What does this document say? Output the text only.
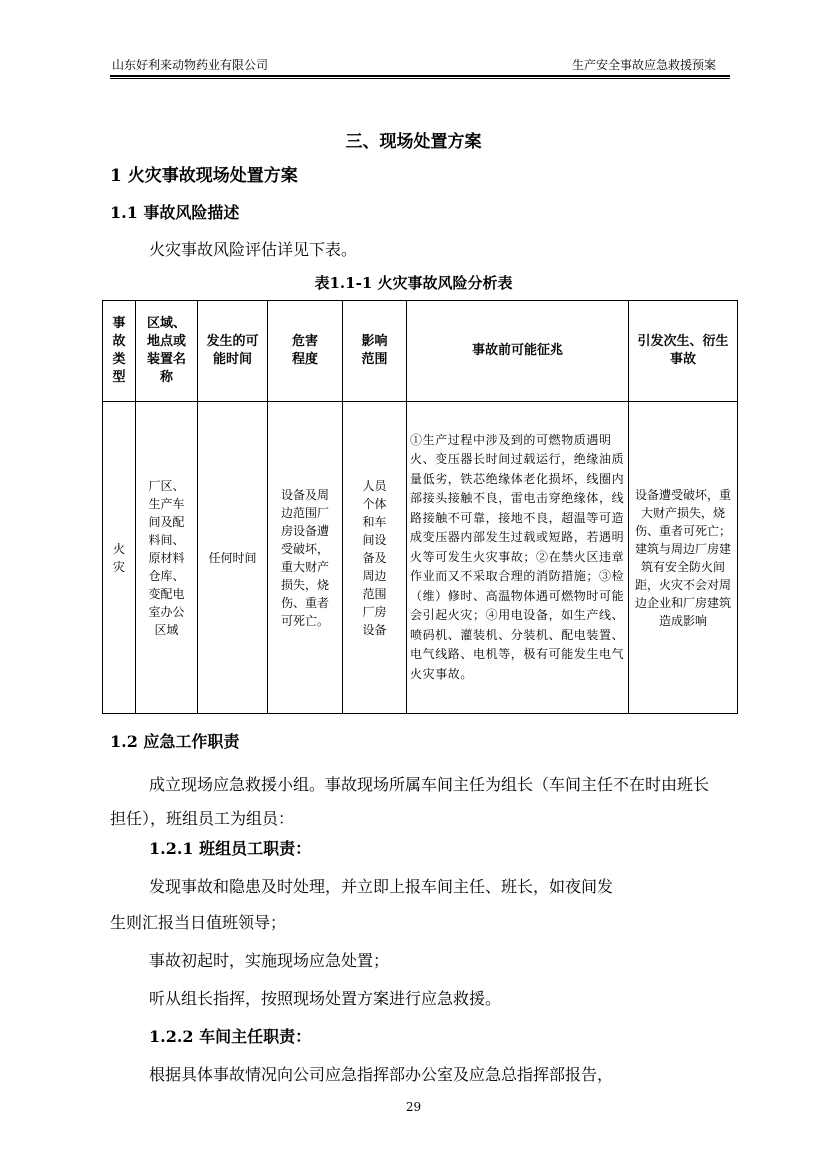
山东好利来动物药业有限公司	生产安全事故应急救援预案
三、现场处置方案
1 火灾事故现场处置方案
1.1 事故风险描述
火灾事故风险评估详见下表。
表1.1-1 火灾事故风险分析表
事故类型	区域、地点或装置名称	发生的可能时间	危害程度	影响范围	事故前可能征兆	引发次生、衍生事故

火灾	厂区、生产车间及配料间、原材料仓库、变配电室办公区域	任何时间	设备及周边范围厂房设备遭受破坏，重大财产损失，烧伤、重者可死亡。	人员个体和车间设备及周边范围厂房设备	①生产过程中涉及到的可燃物质遇明火、变压器长时间过载运行，绝缘油质量低劣，铁芯绝缘体老化损坏，线圈内部接头接触不良，雷电击穿绝缘体，线路接触不可靠，接地不良，超温等可造成变压器内部发生过载或短路，若遇明火等可发生火灾事故；②在禁火区违章作业而又不采取合理的消防措施；③检（维）修时、高温物体遇可燃物时可能会引起火灾；④用电设备，如生产线、喷码机、灌装机、分装机、配电装置、电气线路、电机等，极有可能发生电气火灾事故。	设备遭受破坏，重大财产损失，烧伤、重者可死亡；建筑与周边厂房建筑有安全防火间距，火灾不会对周边企业和厂房建筑造成影响
1.2 应急工作职责
成立现场应急救援小组。事故现场所属车间主任为组长（车间主任不在时由班长担任），班组员工为组员：
1.2.1 班组员工职责：
发现事故和隐患及时处理，并立即上报车间主任、班长，如夜间发
生则汇报当日值班领导；
事故初起时，实施现场应急处置；
听从组长指挥，按照现场处置方案进行应急救援。
1.2.2 车间主任职责：
根据具体事故情况向公司应急指挥部办公室及应急总指挥部报告，
29
